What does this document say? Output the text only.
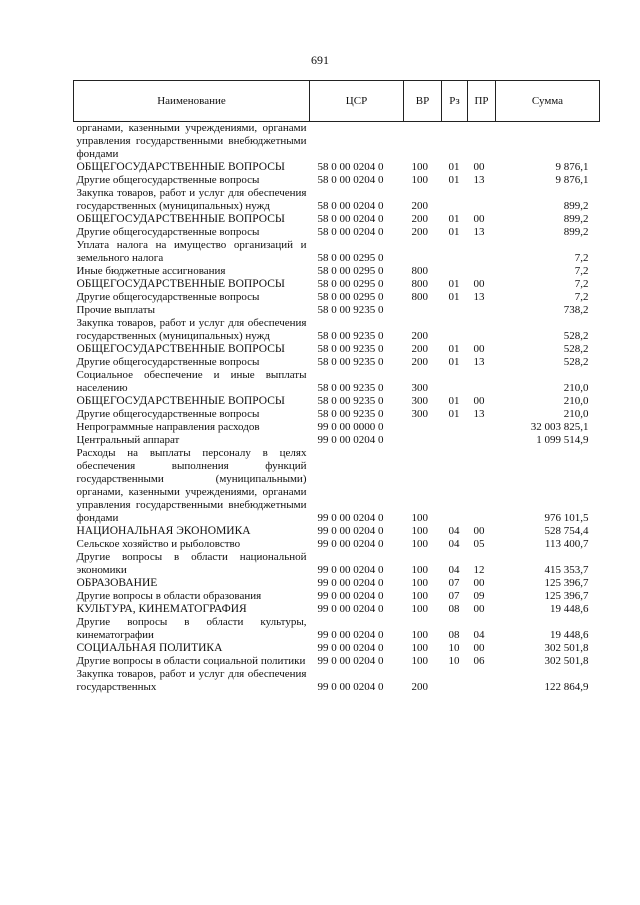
691
Наименование	ЦСР	ВР	Рз	ПР	Сумма
органами, казенными учреждениями, органами управления государственными внебюджетными фондами					
ОБЩЕГОСУДАРСТВЕННЫЕ ВОПРОСЫ	58 0 00 0204 0	100	01	00	9 876,1
Другие общегосударственные вопросы	58 0 00 0204 0	100	01	13	9 876,1
Закупка товаров, работ и услуг для обеспечения государственных (муниципальных) нужд	58 0 00 0204 0	200			899,2
ОБЩЕГОСУДАРСТВЕННЫЕ ВОПРОСЫ	58 0 00 0204 0	200	01	00	899,2
Другие общегосударственные вопросы	58 0 00 0204 0	200	01	13	899,2
Уплата налога на имущество организаций и земельного налога	58 0 00 0295 0				7,2
Иные бюджетные ассигнования	58 0 00 0295 0	800			7,2
ОБЩЕГОСУДАРСТВЕННЫЕ ВОПРОСЫ	58 0 00 0295 0	800	01	00	7,2
Другие общегосударственные вопросы	58 0 00 0295 0	800	01	13	7,2
Прочие выплаты	58 0 00 9235 0				738,2
Закупка товаров, работ и услуг для обеспечения государственных (муниципальных) нужд	58 0 00 9235 0	200			528,2
ОБЩЕГОСУДАРСТВЕННЫЕ ВОПРОСЫ	58 0 00 9235 0	200	01	00	528,2
Другие общегосударственные вопросы	58 0 00 9235 0	200	01	13	528,2
Социальное обеспечение и иные выплаты населению	58 0 00 9235 0	300			210,0
ОБЩЕГОСУДАРСТВЕННЫЕ ВОПРОСЫ	58 0 00 9235 0	300	01	00	210,0
Другие общегосударственные вопросы	58 0 00 9235 0	300	01	13	210,0
Непрограммные направления расходов	99 0 00 0000 0				32 003 825,1
Центральный аппарат	99 0 00 0204 0				1 099 514,9
Расходы на выплаты персоналу в целях обеспечения выполнения функций государственными (муниципальными) органами, казенными учреждениями, органами управления государственными внебюджетными фондами	99 0 00 0204 0	100			976 101,5
НАЦИОНАЛЬНАЯ ЭКОНОМИКА	99 0 00 0204 0	100	04	00	528 754,4
Сельское хозяйство и рыболовство	99 0 00 0204 0	100	04	05	113 400,7
Другие вопросы в области национальной экономики	99 0 00 0204 0	100	04	12	415 353,7
ОБРАЗОВАНИЕ	99 0 00 0204 0	100	07	00	125 396,7
Другие вопросы в области образования	99 0 00 0204 0	100	07	09	125 396,7
КУЛЬТУРА, КИНЕМАТОГРАФИЯ	99 0 00 0204 0	100	08	00	19 448,6
Другие вопросы в области культуры, кинематографии	99 0 00 0204 0	100	08	04	19 448,6
СОЦИАЛЬНАЯ ПОЛИТИКА	99 0 00 0204 0	100	10	00	302 501,8
Другие вопросы в области социальной политики	99 0 00 0204 0	100	10	06	302 501,8
Закупка товаров, работ и услуг для обеспечения государственных	99 0 00 0204 0	200			122 864,9
